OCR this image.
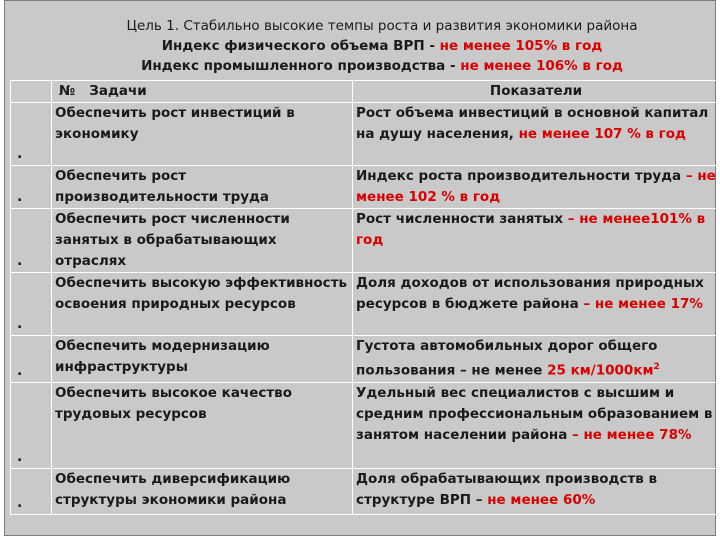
Цель 1. Стабильно высокие темпы роста и развития экономики района
Индекс физического объема ВРП - не менее 105% в год
Индекс промышленного производства - не менее 106% в год
	№ Задачи	Показатели

.	Обеспечить рост инвестиций в экономику	Рост объема инвестиций в основной капитал на душу населения, не менее 107 % в год

.	Обеспечить рост производительности труда	Индекс роста производительности труда – не менее 102 % в год

.	Обеспечить рост численности занятых в обрабатывающих отраслях	Рост численности занятых – не менее101% в год

.	Обеспечить высокую эффективность освоения природных ресурсов	Доля доходов от использования природных ресурсов в бюджете района – не менее 17%

.	Обеспечить модернизацию инфраструктуры	Густота автомобильных дорог общего пользования – не менее 25 $км/1000км^2$

.	Обеспечить высокое качество трудовых ресурсов	Удельный вес специалистов с высшим и средним профессиональным образованием в занятом населении района – не менее 78%

.	Обеспечить диверсификацию структуры экономики района	Доля обрабатывающих производств в структуре ВРП – не менее 60%
